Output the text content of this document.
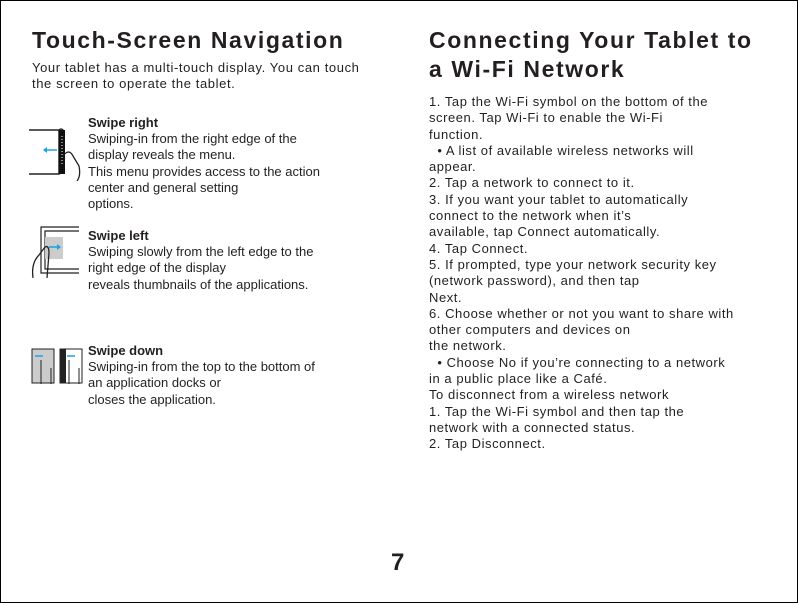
Touch-Screen Navigation
Your tablet has a multi-touch display. You can touch the screen to operate the tablet.
Swipe right
Swiping-in from the right edge of the
display reveals the menu.
This menu provides access to the action
center and general setting
options.
Swipe left
Swiping slowly from the left edge to the
right edge of the display
reveals thumbnails of the applications.
Swipe down
Swiping-in from the top to the bottom of
an application docks or
closes the application.
Connecting Your Tablet to
a Wi-Fi Network
1. Tap the Wi-Fi symbol on the bottom of the
screen. Tap Wi-Fi to enable the Wi-Fi
function.
• A list of available wireless networks will
appear.
2. Tap a network to connect to it.
3. If you want your tablet to automatically
connect to the network when it’s
available, tap Connect automatically.
4. Tap Connect.
5. If prompted, type your network security key
(network password), and then tap
Next.
6. Choose whether or not you want to share with
other computers and devices on
the network.
• Choose No if you’re connecting to a network
in a public place like a Café.
To disconnect from a wireless network
1. Tap the Wi-Fi symbol and then tap the
network with a connected status.
2. Tap Disconnect.
7
